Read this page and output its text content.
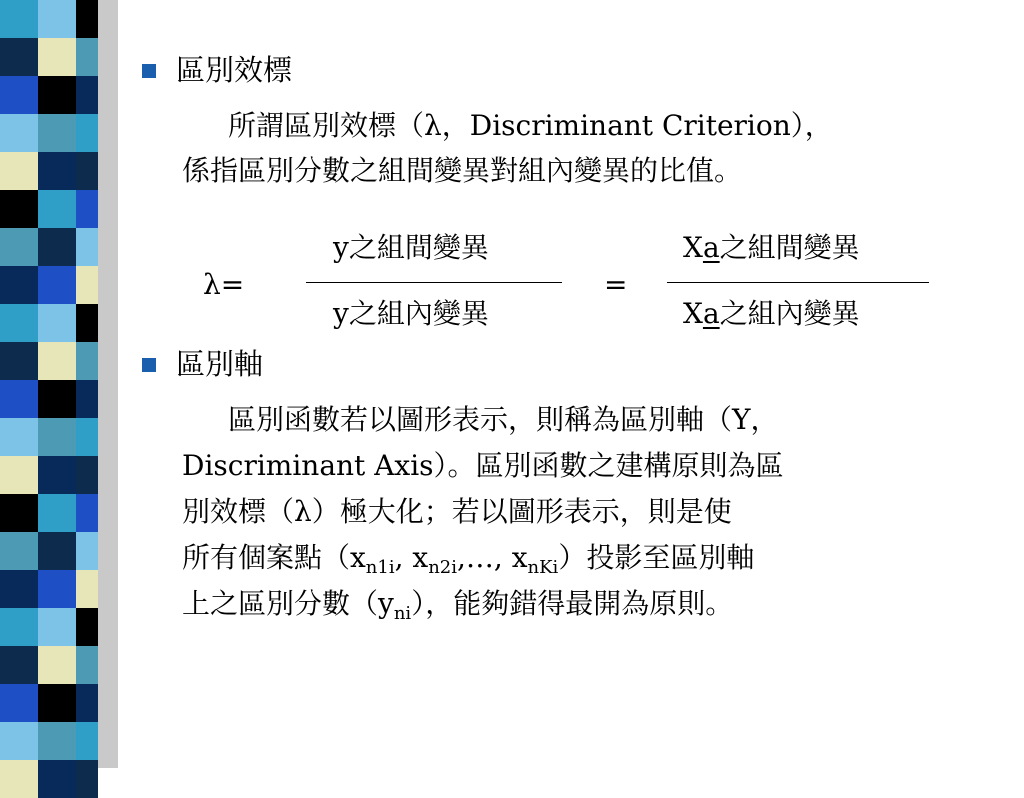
區別效標
所謂區別效標（λ，Discriminant Criterion），
係指區別分數之組間變異對組內變異的比值。
λ=
y之組間變異
y之組內變異
=
Xa之組間變異
Xa之組內變異
區別軸
區別函數若以圖形表示，則稱為區別軸（Y，
Discriminant Axis）。區別函數之建構原則為區
別效標（λ）極大化；若以圖形表示，則是使
所有個案點（$x_{n1i}$, $x_{n2i},\dots$, $x_{nKi}$）投影至區別軸
上之區別分數$(y_{ni})$，能夠錯得最開為原則。
